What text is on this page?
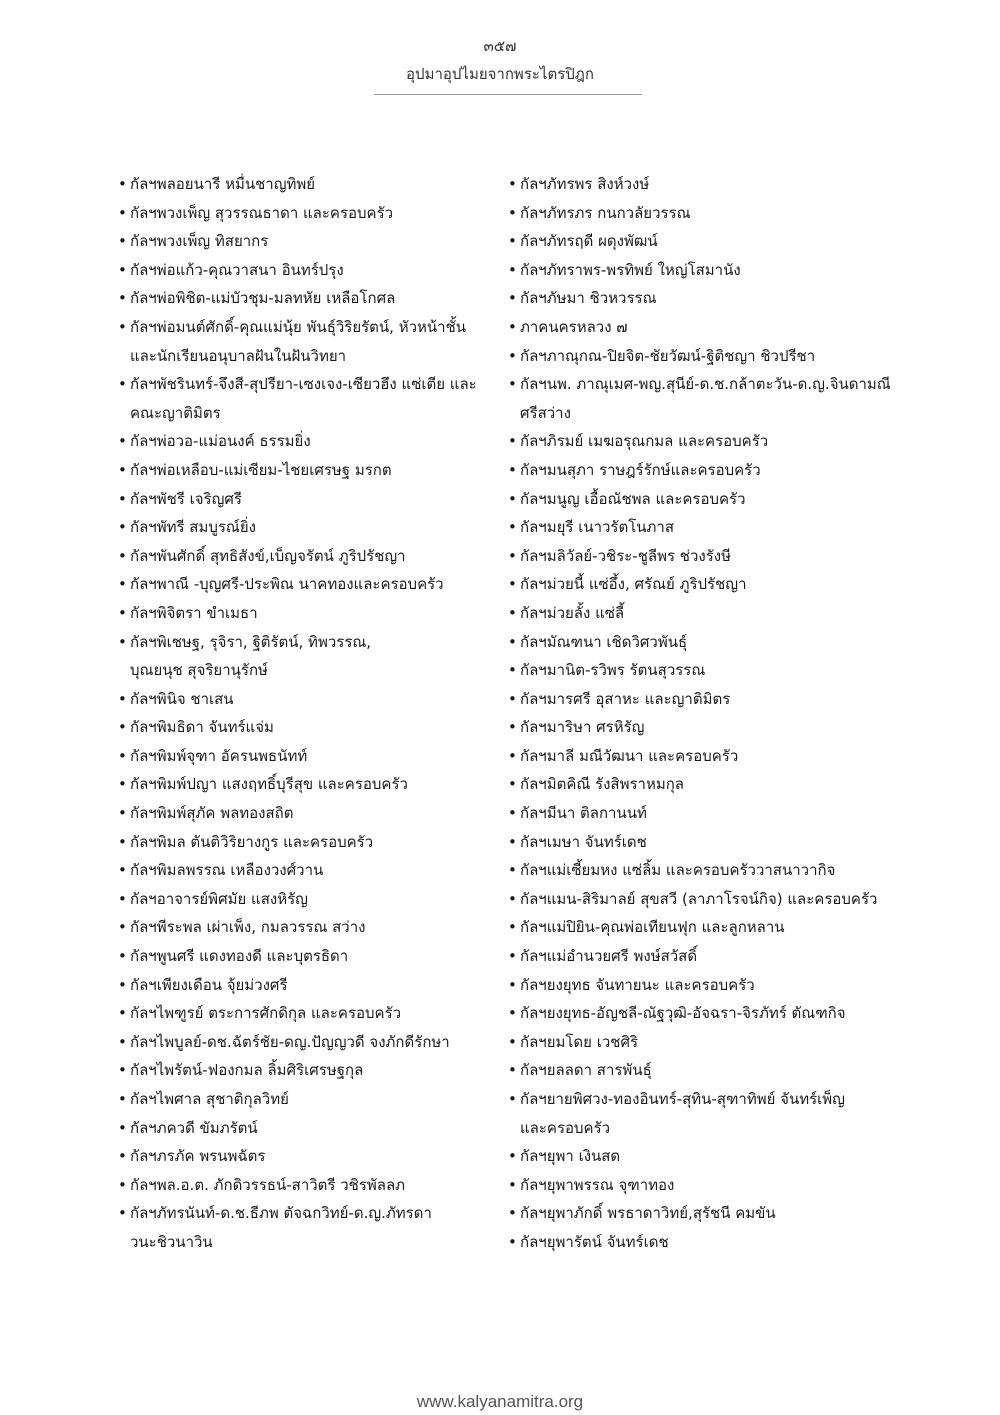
๓๕๗
อุปมาอุปไมยจากพระไตรปิฎก
• กัลฯพลอยนารี หมื่นชาญทิพย์
• กัลฯพวงเพ็ญ สุวรรณธาดา และครอบครัว
• กัลฯพวงเพ็ญ ทิสยากร
• กัลฯพ่อแก้ว-คุณวาสนา อินทร์ปรุง
• กัลฯพ่อพิชิต-แม่บัวชุม-มลทหัย เหลือโกศล
• กัลฯพ่อมนต์ศักดิ์-คุณแม่นุ้ย พันธุ์วิริยรัตน์, หัวหน้าชั้น
และนักเรียนอนุบาลฝันในฝันวิทยา
• กัลฯพัชรินทร์-จึงสี-สุปรียา-เซงเจง-เซียวฮึง แซ่เตีย และ
คณะญาติมิตร
• กัลฯพ่อวอ-แม่อนงค์ ธรรมยิ่ง
• กัลฯพ่อเหลือบ-แม่เซียม-ไชยเศรษฐ มรกต
• กัลฯพัชรี เจริญศรี
• กัลฯพัทรี สมบูรณ์ยิ่ง
• กัลฯพันศักดิ์ สุทธิสังข์,เบ็ญจรัตน์ ภูริปรัชญา
• กัลฯพาณี -บุญศรี-ประพิณ นาคทองและครอบครัว
• กัลฯพิจิตรา ขำเมธา
• กัลฯพิเชษฐ, รุจิรา, ฐิติรัตน์, ทิพวรรณ,
บุณยนุช สุจริยานุรักษ์
• กัลฯพินิจ ชาเสน
• กัลฯพิมธิดา จันทร์แจ่ม
• กัลฯพิมพ์จุฑา อัครนพธนัทท์
• กัลฯพิมพ์ปญา แสงฤทธิ์บุรีสุข และครอบครัว
• กัลฯพิมพ์สุภัค พลทองสถิต
• กัลฯพิมล ตันติวิริยางกูร และครอบครัว
• กัลฯพิมลพรรณ เหลืองวงศ์วาน
• กัลฯอาจารย์พิศมัย แสงหิรัญ
• กัลฯพีระพล เผ่าเพ็ง, กมลวรรณ สว่าง
• กัลฯพูนศรี แดงทองดี และบุตรธิดา
• กัลฯเพียงเดือน จุ้ยม่วงศรี
• กัลฯไพฑูรย์ ตระการศักดิกุล และครอบครัว
• กัลฯไพบูลย์-ดช.ฉัตร์ชัย-ดญ.ปัญญวดี จงภักดีรักษา
• กัลฯไพรัตน์-ฟองกมล ลิ้มศิริเศรษฐกุล
• กัลฯไพศาล สุชาติกุลวิทย์
• กัลฯภควดี ขัมภรัตน์
• กัลฯภรภัค พรนพฉัตร
• กัลฯพล.อ.ต. ภักดิวรรธน์-สาวิตรี วชิรพัลลภ
• กัลฯภัทรนันท์-ด.ช.ธีภพ ตัจฉกวิทย์-ด.ญ.ภัทรดา
วนะชิวนาวิน
• กัลฯภัทรพร สิงห์วงษ์
• กัลฯภัทรภร กนกวลัยวรรณ
• กัลฯภัทรฤดี ผดุงพัฒน์
• กัลฯภัทราพร-พรทิพย์ ใหญ่โสมานัง
• กัลฯภัษมา ชิวหวรรณ
• ภาคนครหลวง ๗
• กัลฯภาณุกณ-ปิยจิต-ชัยวัฒน์-ฐิติชญา ชิวปรีชา
• กัลฯนพ. ภาณุเมศ-พญ.สุนีย์-ด.ช.กล้าตะวัน-ด.ญ.จินดามณี
ศรีสว่าง
• กัลฯภิรมย์ เมฆอรุณกมล และครอบครัว
• กัลฯมนสุภา ราษฎร์รักษ์และครอบครัว
• กัลฯมนูญ เอื้อณัชพล และครอบครัว
• กัลฯมยุรี เนาวรัตโนภาส
• กัลฯมลิวัลย์-วชิระ-ชูลีพร ช่วงรังษี
• กัลฯม่วยนี้ แซ่อึ้ง, ศรัณย์ ภูริปรัชญา
• กัลฯม่วยลั้ง แซ่ลี้
• กัลฯมัณฑนา เชิดวิศวพันธุ์
• กัลฯมานิต-รวิพร รัตนสุวรรณ
• กัลฯมารศรี อุสาหะ และญาติมิตร
• กัลฯมาริษา ศรหิรัญ
• กัลฯมาลี มณีวัฒนา และครอบครัว
• กัลฯมิตคิณี รังสิพราหมกุล
• กัลฯมีนา ติลกานนท์
• กัลฯเมษา จันทร์เดช
• กัลฯแม่เซี้ยมหง แซ่ลิ้ม และครอบครัววาสนาวากิจ
• กัลฯแมน-สิริมาลย์ สุขสวี (ลาภาโรจน์กิจ) และครอบครัว
• กัลฯแม่ปิยิน-คุณพ่อเทียนฟุก และลูกหลาน
• กัลฯแม่อำนวยศรี พงษ์สวัสดิ์
• กัลฯยงยุทธ จันทายนะ และครอบครัว
• กัลฯยงยุทธ-อัญชลี-ณัฐวุฒิ-อัจฉรา-จิรภัทร์ ตัณฑกิจ
• กัลฯยมโดย เวชศิริ
• กัลฯยลลดา สารพันธุ์
• กัลฯยายพิศวง-ทองอินทร์-สุทิน-สุฑาทิพย์ จันทร์เพ็ญ
และครอบครัว
• กัลฯยุพา เงินสด
• กัลฯยุพาพรรณ จุฑาทอง
• กัลฯยุพาภักดิ์ พรธาดาวิทย์,สุรัชนี คมขัน
• กัลฯยุพารัตน์ จันทร์เดช
www.kalyanamitra.org
